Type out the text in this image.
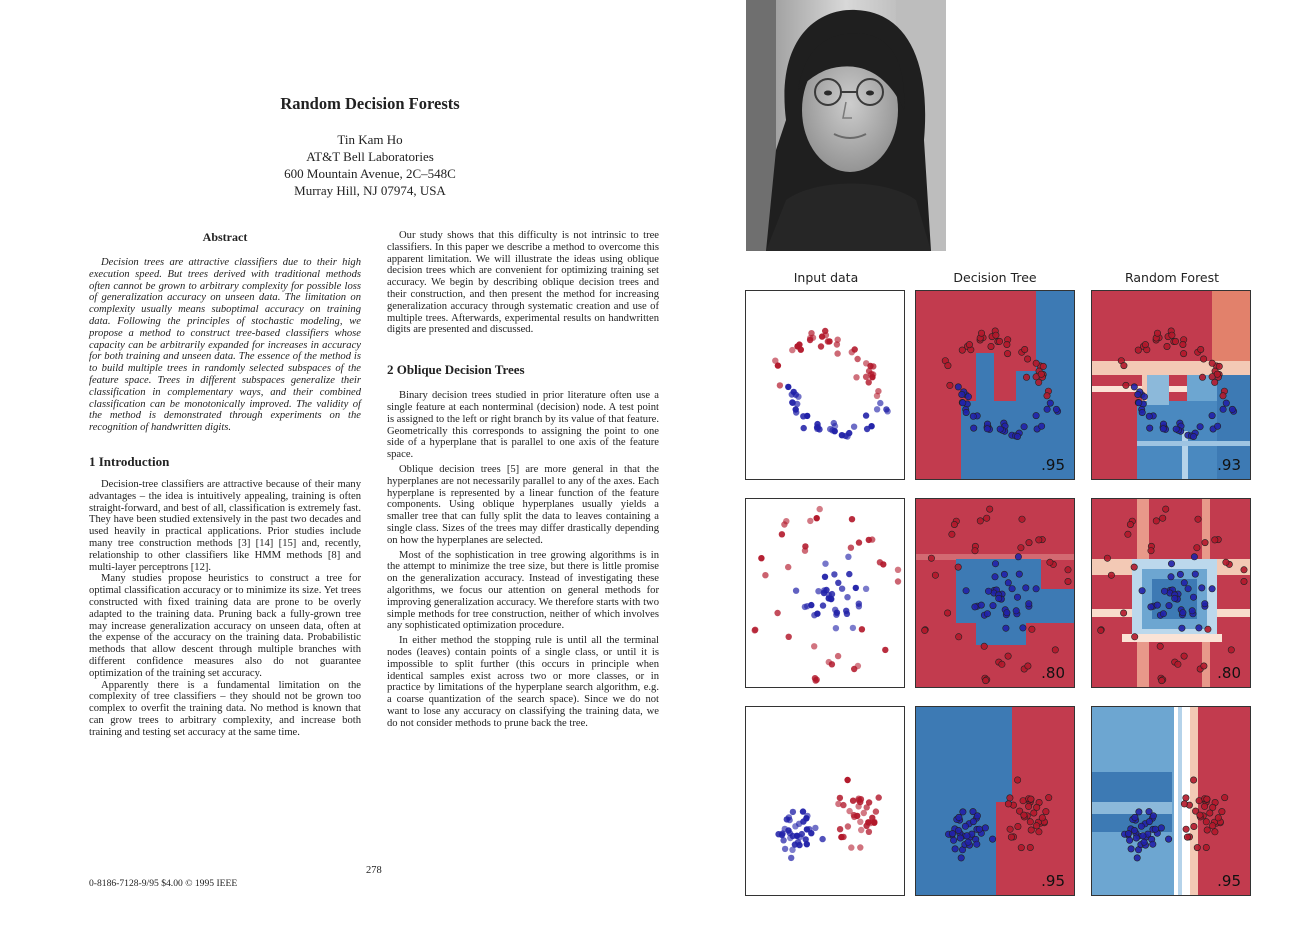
Random Decision Forests
Tin Kam Ho
AT&T Bell Laboratories
600 Mountain Avenue, 2C–548C
Murray Hill, NJ 07974, USA
Abstract

Decision trees are attractive classifiers due to their high execution speed. But trees derived with traditional methods often cannot be grown to arbitrary complexity for possible loss of generalization accuracy on unseen data. The limitation on complexity usually means suboptimal accuracy on training data. Following the principles of stochastic modeling, we propose a method to construct tree-based classifiers whose capacity can be arbitrarily expanded for increases in accuracy for both training and unseen data. The essence of the method is to build multiple trees in randomly selected subspaces of the feature space. Trees in different subspaces generalize their classification in complementary ways, and their combined classification can be monotonically improved. The validity of the method is demonstrated through experiments on the recognition of handwritten digits.

1 Introduction

Decision-tree classifiers are attractive because of their many advantages – the idea is intuitively appealing, training is often straight-forward, and best of all, classification is extremely fast. They have been studied extensively in the past two decades and used heavily in practical applications. Prior studies include many tree construction methods [3] [14] [15] and, recently, relationship to other classifiers like HMM methods [8] and multi-layer perceptrons [12].

Many studies propose heuristics to construct a tree for optimal classification accuracy or to minimize its size. Yet trees constructed with fixed training data are prone to be overly adapted to the training data. Pruning back a fully-grown tree may increase generalization accuracy on unseen data, often at the expense of the accuracy on the training data. Probabilistic methods that allow descent through multiple branches with different confidence measures also do not guarantee optimization of the training set accuracy.

Apparently there is a fundamental limitation on the complexity of tree classifiers – they should not be grown too complex to overfit the training data. No method is known that can grow trees to arbitrary complexity, and increase both training and testing set accuracy at the same time.

Our study shows that this difficulty is not intrinsic to tree classifiers. In this paper we describe a method to overcome this apparent limitation. We will illustrate the ideas using oblique decision trees which are convenient for optimizing training set accuracy. We begin by describing oblique decision trees and their construction, and then present the method for increasing generalization accuracy through systematic creation and use of multiple trees. Afterwards, experimental results on handwritten digits are presented and discussed.

2 Oblique Decision Trees

Binary decision trees studied in prior literature often use a single feature at each nonterminal (decision) node. A test point is assigned to the left or right branch by its value of that feature. Geometrically this corresponds to assigning the point to one side of a hyperplane that is parallel to one axis of the feature space.

Oblique decision trees [5] are more general in that the hyperplanes are not necessarily parallel to any of the axes. Each hyperplane is represented by a linear function of the feature components. Using oblique hyperplanes usually yields a smaller tree that can fully split the data to leaves containing a single class. Sizes of the trees may differ drastically depending on how the hyperplanes are selected.

Most of the sophistication in tree growing algorithms is in the attempt to minimize the tree size, but there is little promise on the generalization accuracy. Instead of investigating these algorithms, we focus our attention on general methods for improving generalization accuracy. We therefore starts with two simple methods for tree construction, neither of which involves any sophisticated optimization procedure.

In either method the stopping rule is until all the terminal nodes (leaves) contain points of a single class, or until it is impossible to split further (this occurs in principle when identical samples exist across two or more classes, or in practice by limitations of the hyperplane search algorithm, e.g. a coarse quantization of the search space). Since we do not want to lose any accuracy on classifying the training data, we do not consider methods to prune back the tree.

278
0-8186-7128-9/95 $4.00 © 1995 IEEE
Input data	Decision Tree	Random Forest
.95	.93
.80	.80
.95	.95
